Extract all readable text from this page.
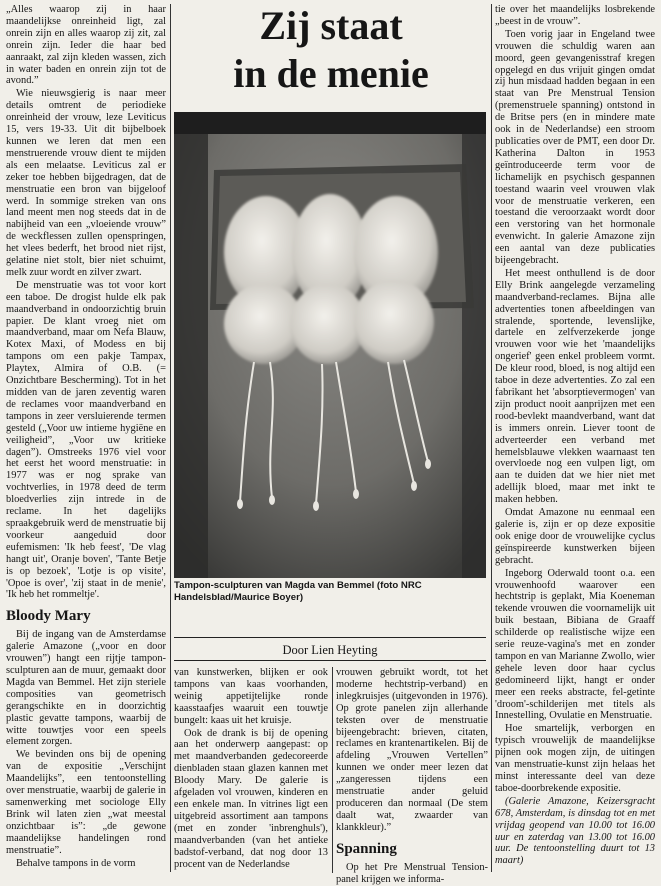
„Alles waarop zij in haar maandelijkse onreinheid ligt, zal onrein zijn en alles waarop zij zit, zal onrein zijn. Ieder die haar bed aanraakt, zal zijn kleden wassen, zich in water baden en onrein zijn tot de avond.”

Wie nieuwsgierig is naar meer details omtrent de periodieke onreinheid der vrouw, leze Leviticus 15, vers 19-33. Uit dit bijbelboek kunnen we leren dat men een menstruerende vrouw dient te mijden als een melaatse. Leviticus zal er zeker toe hebben bijgedragen, dat de menstruatie een bron van bijgeloof werd. In sommige streken van ons land meent men nog steeds dat in de nabijheid van een „vloeiende vrouw” de weckflessen zullen openspringen, het vlees bederft, het brood niet rijst, gelatine niet stolt, bier niet schuimt, melk zuur wordt en zilver zwart.

De menstruatie was tot voor kort een taboe. De drogist hulde elk pak maandverband in ondoorzichtig bruin papier. De klant vroeg niet om maandverband, maar om Nefa Blauw, Kotex Maxi, of Modess en bij tampons om een pakje Tampax, Playtex, Almira of O.B. (= Onzichtbare Bescherming). Tot in het midden van de jaren zeventig waren de reclames voor maandverband en tampons in zeer versluierende termen gesteld („Voor uw intieme hygiëne en veiligheid”, „Voor uw kritieke dagen”). Omstreeks 1976 viel voor het eerst het woord menstruatie: in 1977 was er nog sprake van vochtverlies, in 1978 deed de term bloedverlies zijn intrede in de reclame. In het dagelijks spraakgebruik werd de menstruatie bij voorkeur aangeduid door eufemismen: 'Ik heb feest', 'De vlag hangt uit', Oranje boven', 'Tante Betje is op bezoek', 'Lotje is op visite', 'Opoe is over', 'zij staat in de menie', 'Ik heb het rommeltje'.

Bloody Mary

Bij de ingang van de Amsterdamse galerie Amazone („voor en door vrouwen”) hangt een rijtje tampon-sculpturen aan de muur, gemaakt door Magda van Bemmel. Het zijn steriele composities van geometrisch gerangschikte en in doorzichtig plastic gevatte tampons, waarbij de witte touwtjes voor een speels element zorgen.

We bevinden ons bij de opening van de expositie „Verschijnt Maandelijks”, een tentoonstelling over menstruatie, waarbij de galerie in samenwerking met sociologe Elly Brink wil laten zien „wat meestal onzichtbaar is”: „de gewone maandelijkse handelingen rond menstruatie”.

Behalve tampons in de vorm

Zij staat
in de menie
Tampon-sculpturen van Magda van Bemmel (foto NRC Handelsblad/Maurice Boyer)
Door Lien Heyting

van kunstwerken, blijken er ook tampons van kaas voorhanden, weinig appetijtelijke ronde kaasstaafjes waaruit een touwtje bungelt: kaas uit het kruisje.

Ook de drank is bij de opening aan het onderwerp aangepast: op met maandverbanden gedecoreerde dienbladen staan glazen kannen met Bloody Mary. De galerie is afgeladen vol vrouwen, kinderen en een enkele man. In vitrines ligt een uitgebreid assortiment aan tampons (met en zonder 'inbrenghuls'), maandverbanden (van het antieke badstof-verband, dat nog door 13 procent van de Nederlandse

vrouwen gebruikt wordt, tot het moderne hechtstrip-verband) en inlegkruisjes (uitgevonden in 1976). Op grote panelen zijn allerhande teksten over de menstruatie bijeengebracht: brieven, citaten, reclames en krantenartikelen. Bij de afdeling „Vrouwen Vertellen” kunnen we onder meer lezen dat „zangeressen tijdens een menstruatie ander geluid produceren dan normaal (De stem daalt wat, zwaarder van klankkleur).”

Spanning

Op het Pre Menstrual Tension-panel krijgen we informa-

tie over het maandelijks losbrekende „beest in de vrouw”.

Toen vorig jaar in Engeland twee vrouwen die schuldig waren aan moord, geen gevangenisstraf kregen opgelegd en dus vrijuit gingen omdat zij hun misdaad hadden begaan in een staat van Pre Menstrual Tension (premenstruele spanning) ontstond in de Britse pers (en in mindere mate ook in de Nederlandse) een stroom publicaties over de PMT, een door Dr. Katherina Dalton in 1953 geïntroduceerde term voor de lichamelijk en psychisch gespannen toestand waarin veel vrouwen vlak voor de menstruatie verkeren, een toestand die veroorzaakt wordt door een verstoring van het hormonale evenwicht. In galerie Amazone zijn een aantal van deze publicaties bijeengebracht.

Het meest onthullend is de door Elly Brink aangelegde verzameling maandverband-reclames. Bijna alle advertenties tonen afbeeldingen van stralende, sportende, levenslijke, dartele en zelfverzekerde jonge vrouwen voor wie het 'maandelijks ongerief' geen enkel probleem vormt. De kleur rood, bloed, is nog altijd een taboe in deze advertenties. Zo zal een fabrikant het 'absorptievermogen' van zijn product nooit aanprijzen met een rood-bevlekt maandverband, want dat is immers onrein. Liever toont de adverteerder een verband met hemelsblauwe vlekken waarnaast ten overvloede nog een vulpen ligt, om aan te duiden dat we hier niet met adellijk bloed, maar met inkt te maken hebben.

Omdat Amazone nu eenmaal een galerie is, zijn er op deze expositie ook enige door de vrouwelijke cyclus geïnspireerde kunstwerken bijeen gebracht.

Ingeborg Oderwald toont o.a. een vrouwenhoofd waarover een hechtstrip is geplakt, Mia Koeneman tekende vrouwen die voornamelijk uit buik bestaan, Bibiana de Graaff schilderde op realistische wijze een serie reuze-vagina's met en zonder tampon en van Marianne Zwollo, wier gehele leven door haar cyclus gedomineerd lijkt, hangt er onder meer een reeks abstracte, fel-getinte 'droom'-schilderijen met titels als Innestelling, Ovulatie en Menstruatie.

Hoe smartelijk, verborgen en typisch vrouwelijk de maandelijkse pijnen ook mogen zijn, de uitingen van menstruatie-kunst zijn helaas het minst interessante deel van deze taboe-doorbrekende expositie.

(Galerie Amazone, Keizersgracht 678, Amsterdam, is dinsdag tot en met vrijdag geopend van 10.00 tot 16.00 uur en zaterdag van 13.00 tot 16.00 uur. De tentoonstelling duurt tot 13 maart)
